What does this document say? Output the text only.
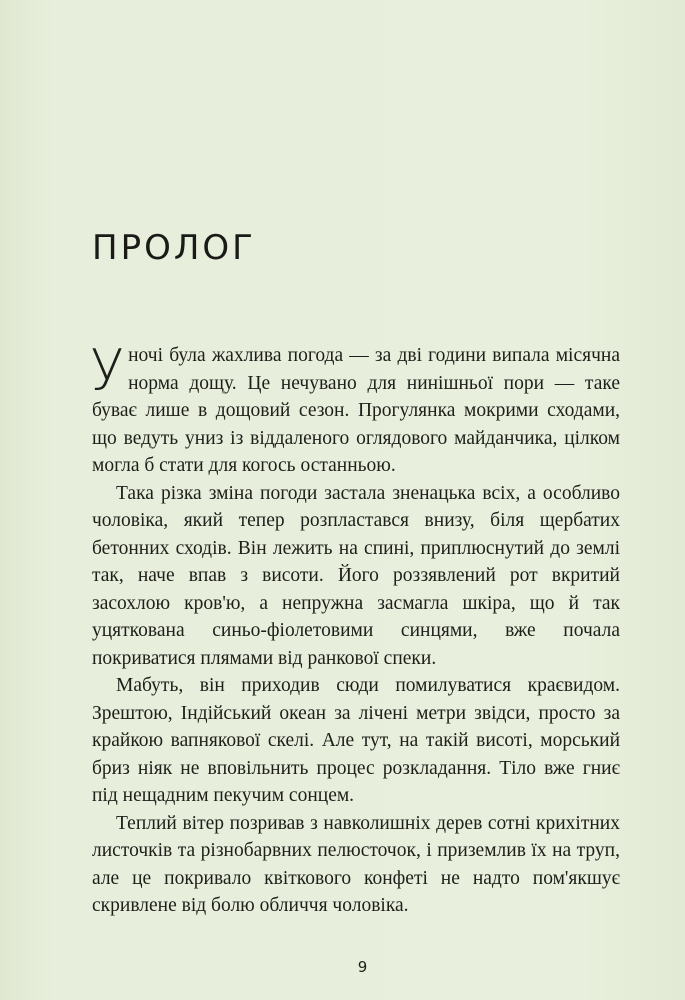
ПРОЛОГ

Уночі була жахлива погода — за дві години випала місячна норма дощу. Це нечувано для нинішньої пори — таке буває лише в дощовий сезон. Прогулянка мокрими сходами, що ведуть униз із віддаленого оглядового майданчика, цілком могла б стати для когось останньою.

Така різка зміна погоди застала зненацька всіх, а особливо чоловіка, який тепер розпластався внизу, біля щербатих бетонних сходів. Він лежить на спині, приплюснутий до землі так, наче впав з висоти. Його роззявлений рот вкритий засохлою кров'ю, а непружна засмагла шкіра, що й так уцяткована синьо-фіолетовими синцями, вже почала покриватися плямами від ранкової спеки.

Мабуть, він приходив сюди помилуватися краєвидом. Зрештою, Індійський океан за лічені метри звідси, просто за крайкою вапнякової скелі. Але тут, на такій висоті, морський бриз ніяк не вповільнить процес розкладання. Тіло вже гниє під нещадним пекучим сонцем.

Теплий вітер позривав з навколишніх дерев сотні крихітних листочків та різнобарвних пелюсточок, і приземлив їх на труп, але це покривало квіткового конфеті не надто пом'якшує скривлене від болю обличчя чоловіка.

9
